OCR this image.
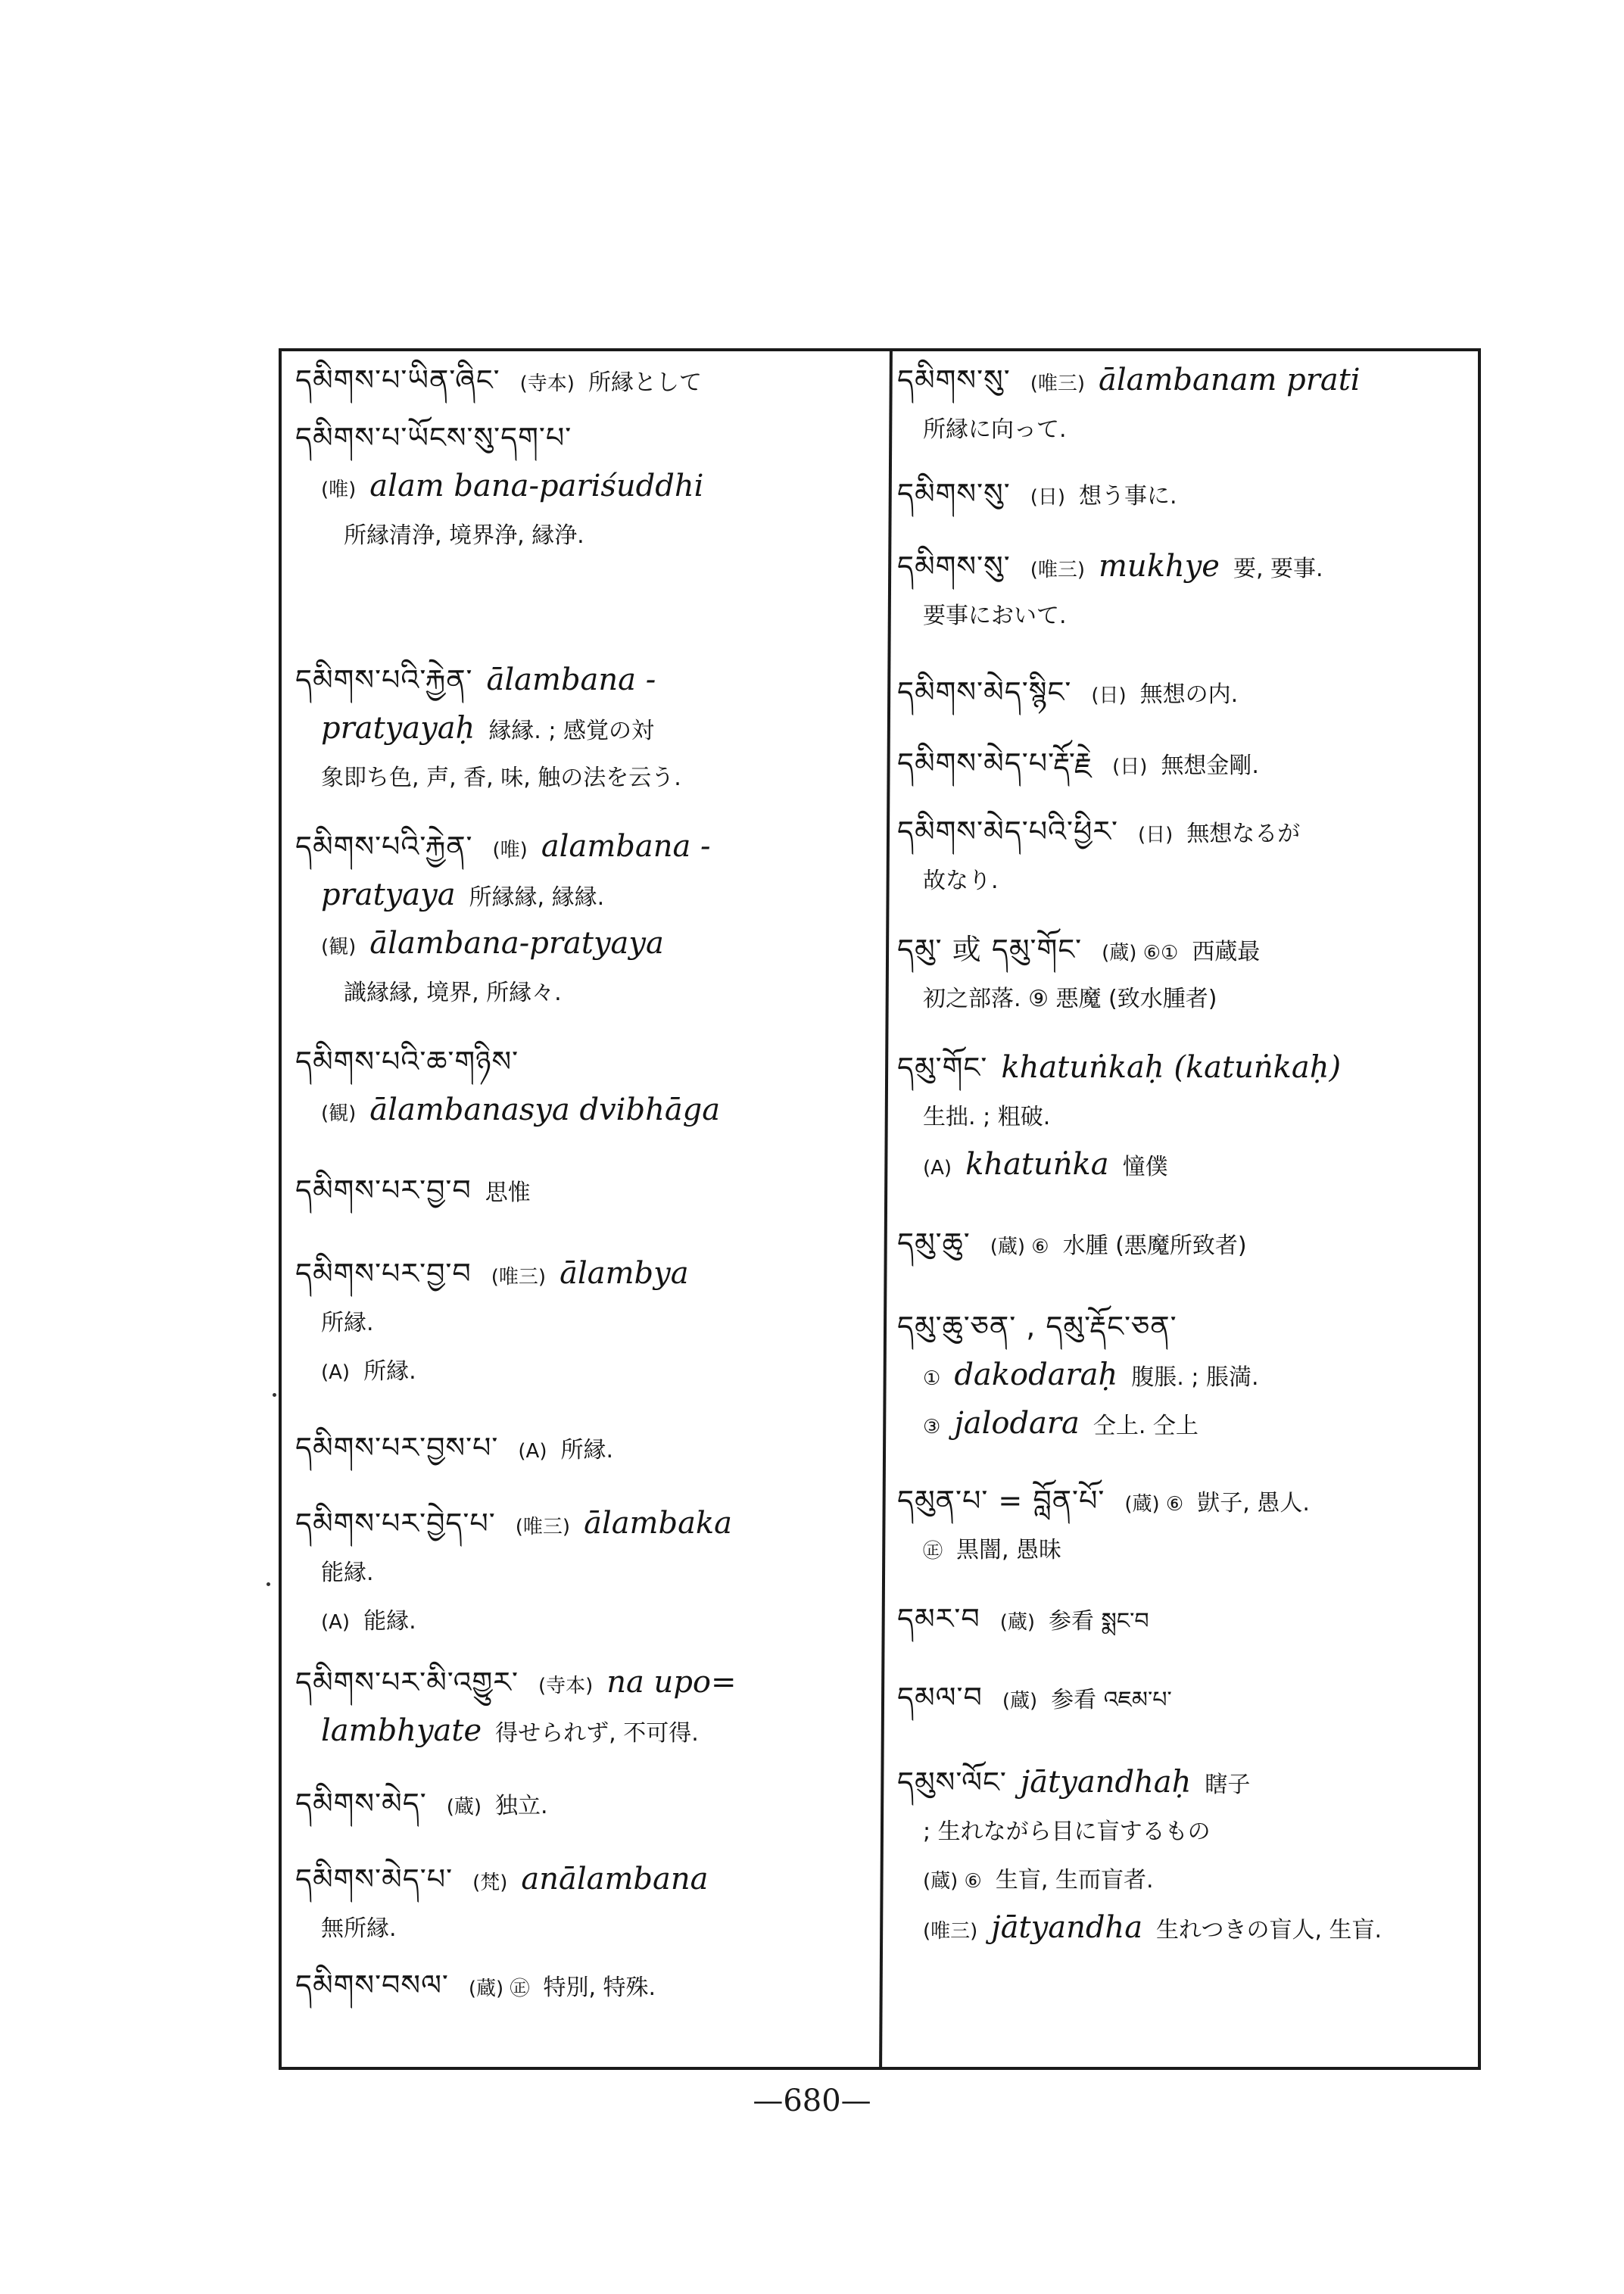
དམིགས་པ་ཡིན་ཞིང་ (寺本) 所縁として
དམིགས་པ་ཡོངས་སུ་དག་པ་
(唯) alam bana-pariśuddhi
所縁清浄, 境界浄, 縁浄.
དམིགས་པའི་རྐྱེན་ ālambana -
pratyayaḥ 縁縁. ; 感覚の対
象即ち色, 声, 香, 味, 触の法を云う.
དམིགས་པའི་རྐྱེན་ (唯) alambana -
pratyaya 所縁縁, 縁縁.
(観) ālambana-pratyaya
識縁縁, 境界, 所縁々.
དམིགས་པའི་ཆ་གཉིས་
(観) ālambanasya dvibhāga
དམིགས་པར་བྱ་བ 思惟
དམིགས་པར་བྱ་བ (唯三) ālambya
所縁.
(A) 所縁.
དམིགས་པར་བྱས་པ་ (A) 所縁.
དམིགས་པར་བྱེད་པ་ (唯三) ālambaka
能縁.
(A) 能縁.
དམིགས་པར་མི་འགྱུར་ (寺本) na upo=
lambhyate 得せられず, 不可得.
དམིགས་མེད་ (蔵) 独立.
དམིགས་མེད་པ་ (梵) anālambana
無所縁.
དམིགས་བསལ་ (蔵) ㊣ 特別, 特殊.
དམིགས་སུ་ (唯三) ālambanam prati
所縁に向って.
དམིགས་སུ་ (日) 想う事に.
དམིགས་སུ་ (唯三) mukhye 要, 要事.
要事において.
དམིགས་མེད་སྙིང་ (日) 無想の内.
དམིགས་མེད་པ་རྡོ་རྗེ (日) 無想金剛.
དམིགས་མེད་པའི་ཕྱིར་ (日) 無想なるが
故なり.
དམུ་ 或 དམུ་གོང་ (蔵) ⑥① 西蔵最
初之部落. ⑨ 悪魔 (致水腫者)
དམུ་གོང་ khatuṅkaḥ (katuṅkaḥ)
生拙. ; 粗破.
(A) khatuṅka 憧僕
དམུ་ཆུ་ (蔵) ⑥ 水腫 (悪魔所致者)
དམུ་ཆུ་ཅན་ , དམུ་རྡོང་ཅན་
① dakodaraḥ 腹脹. ; 脹満.
③ jalodara 仝上. 仝上
དམུན་པ་ = བློན་པོ་ (蔵) ⑥ 獃子, 愚人.
㊣ 黒闇, 愚昧
དམར་བ (蔵) 参看 སྨང་བ
དམལ་བ (蔵) 参看 འཇམ་པ་
དམུས་ལོང་ jātyandhaḥ 瞎子
; 生れながら目に盲するもの
(蔵) ⑥ 生盲, 生而盲者.
(唯三) jātyandha 生れつきの盲人, 生盲.
—680—
